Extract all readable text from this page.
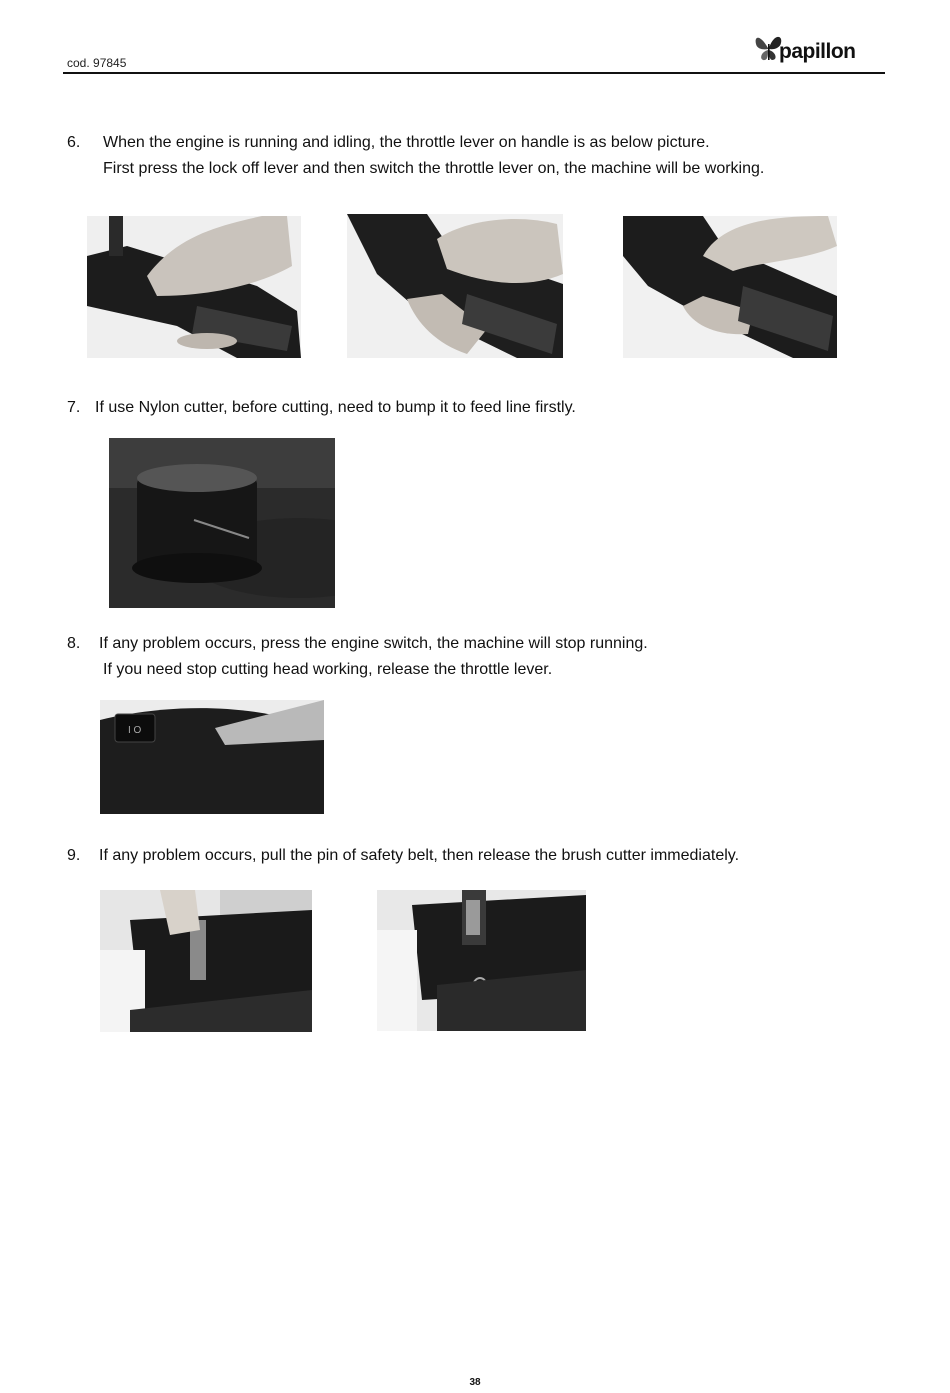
cod. 97845	papillon
6. When the engine is running and idling, the throttle lever on handle is as below picture.
First press the lock off lever and then switch the throttle lever on, the machine will be working.
7. If use Nylon cutter, before cutting, need to bump it to feed line firstly.
8. If any problem occurs, press the engine switch, the machine will stop running.
If you need stop cutting head working, release the throttle lever.
I O
9. If any problem occurs, pull the pin of safety belt, then release the brush cutter immediately.
38
